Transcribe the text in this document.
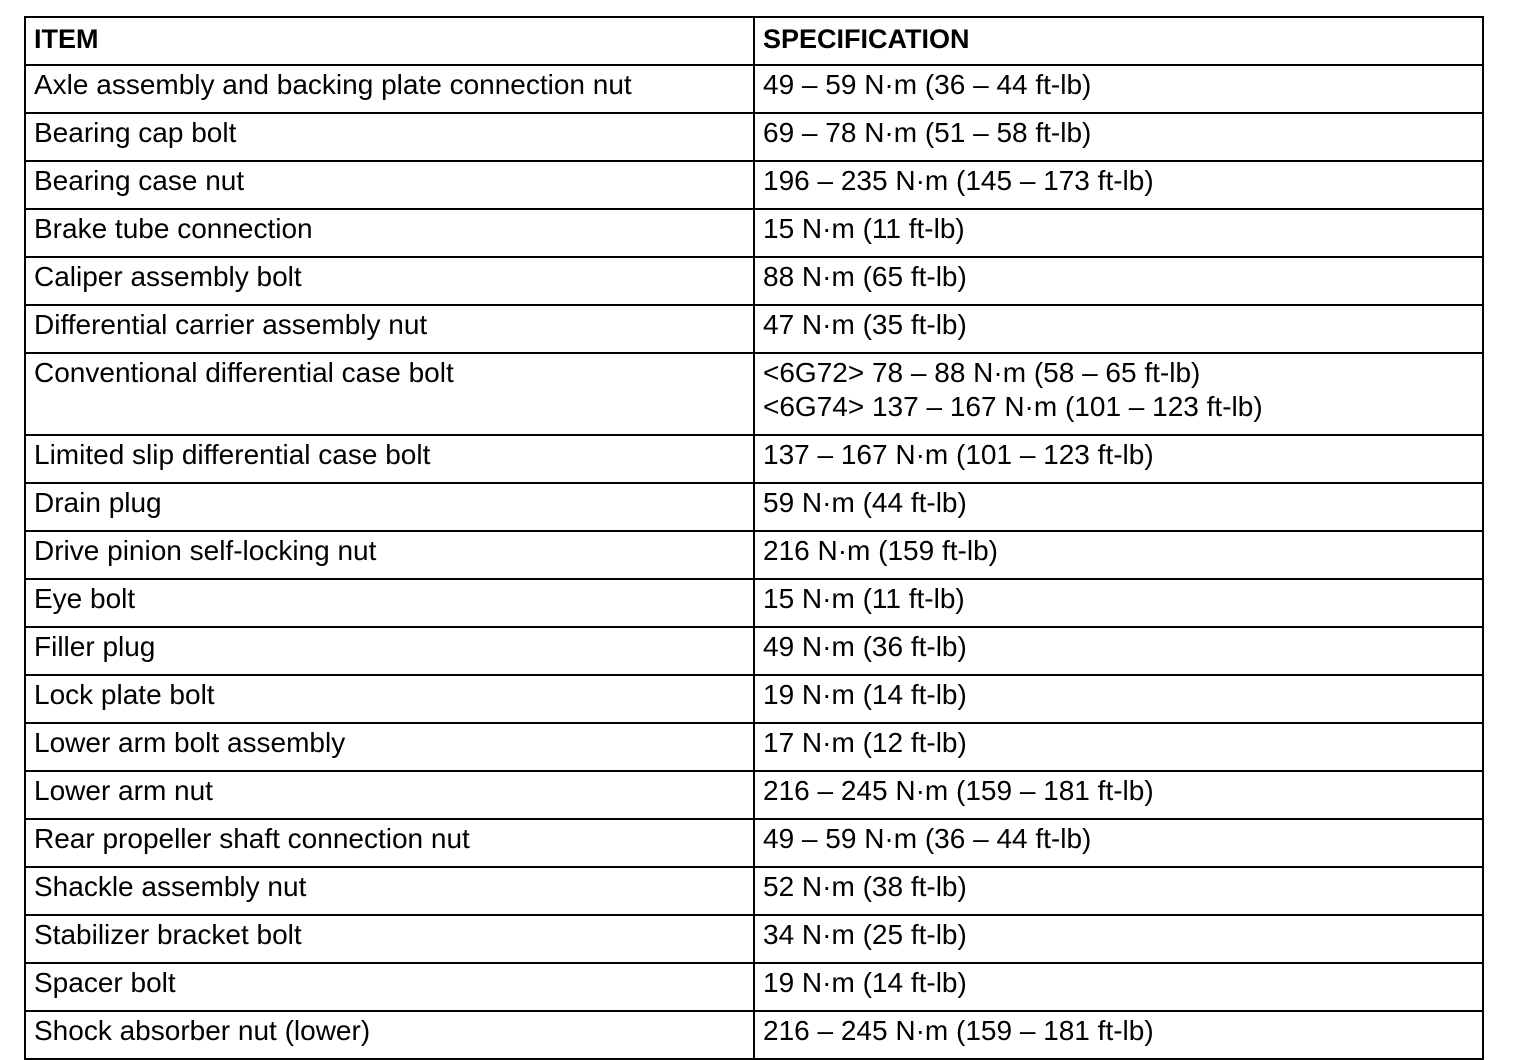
ITEM	SPECIFICATION
Axle assembly and backing plate connection nut	49 – 59 N·m (36 – 44 ft-lb)

Bearing cap bolt	69 – 78 N·m (51 – 58 ft-lb)

Bearing case nut	196 – 235 N·m (145 – 173 ft-lb)

Brake tube connection	15 N·m (11 ft-lb)

Caliper assembly bolt	88 N·m (65 ft-lb)

Differential carrier assembly nut	47 N·m (35 ft-lb)

Conventional differential case bolt	<6G72> 78 – 88 N·m (58 – 65 ft-lb)
<6G74> 137 – 167 N·m (101 – 123 ft-lb)

Limited slip differential case bolt	137 – 167 N·m (101 – 123 ft-lb)

Drain plug	59 N·m (44 ft-lb)

Drive pinion self-locking nut	216 N·m (159 ft-lb)

Eye bolt	15 N·m (11 ft-lb)

Filler plug	49 N·m (36 ft-lb)

Lock plate bolt	19 N·m (14 ft-lb)

Lower arm bolt assembly	17 N·m (12 ft-lb)

Lower arm nut	216 – 245 N·m (159 – 181 ft-lb)

Rear propeller shaft connection nut	49 – 59 N·m (36 – 44 ft-lb)

Shackle assembly nut	52 N·m (38 ft-lb)

Stabilizer bracket bolt	34 N·m (25 ft-lb)

Spacer bolt	19 N·m (14 ft-lb)

Shock absorber nut (lower)	216 – 245 N·m (159 – 181 ft-lb)
